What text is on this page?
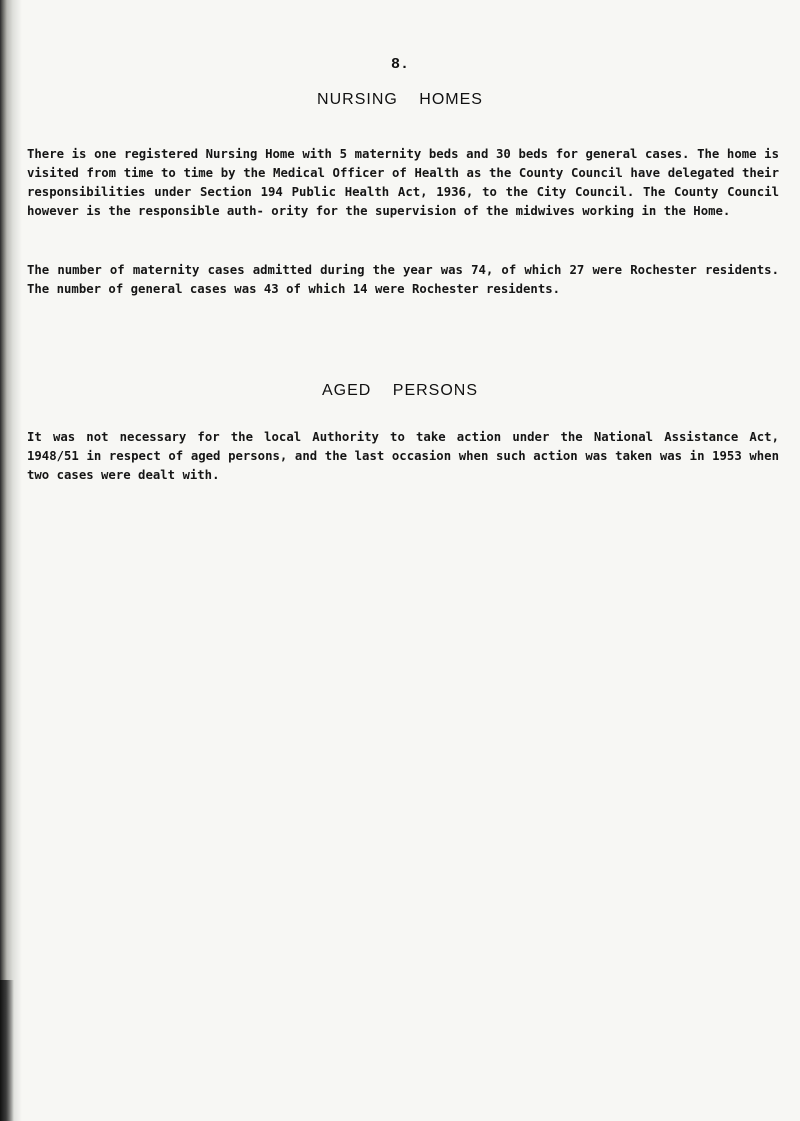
8.
NURSING HOMES

There is one registered Nursing Home with 5 maternity beds and 30 beds for general cases. The home is visited from time to time by the Medical Officer of Health as the County Council have delegated their responsibilities under Section 194 Public Health Act, 1936, to the City Council. The County Council however is the responsible auth- ority for the supervision of the midwives working in the Home.

The number of maternity cases admitted during the year was 74, of which 27 were Rochester residents. The number of general cases was 43 of which 14 were Rochester residents.

AGED PERSONS

It was not necessary for the local Authority to take action under the National Assistance Act, 1948/51 in respect of aged persons, and the last occasion when such action was taken was in 1953 when two cases were dealt with.
